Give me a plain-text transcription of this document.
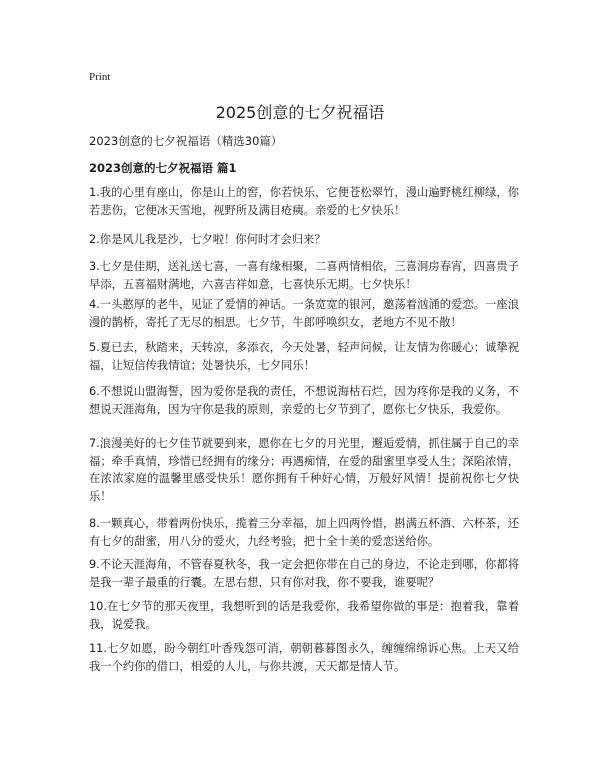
Print
2025创意的七夕祝福语
2023创意的七夕祝福语（精选30篇）
2023创意的七夕祝福语 篇1

1.我的心里有座山，你是山上的窖，你若快乐，它便苍松翠竹，漫山遍野桃红柳绿，你若悲伤，它便冰天雪地，视野所及满目疮痍。亲爱的七夕快乐！

2.你是风儿我是沙，七夕啦！你何时才会归来？

3.七夕是佳期，送礼送七喜，一喜有缘相聚，二喜两情相依，三喜洞房春宵，四喜贵子早添，五喜福财满地，六喜吉祥如意，七喜快乐无期。七夕快乐！

4.一头憨厚的老牛，见证了爱情的神话。一条宽宽的银河，邀荡着汹涌的爱恋。一座浪漫的鹊桥，寄托了无尽的相思。七夕节，牛郎呼唤织女，老地方不见不散！

5.夏已去，秋踏来，天转凉，多添衣，今天处暑，轻声问候，让友情为你暖心；诚挚祝福，让短信传我情谊；处暑快乐，七夕同乐！

6.不想说山盟海誓，因为爱你是我的责任，不想说海枯石烂，因为疼你是我的义务，不想说天涯海角，因为守你是我的原则，亲爱的七夕节到了，愿你七夕快乐，我爱你。

7.浪漫美好的七夕佳节就要到来，愿你在七夕的月光里，邂逅爱情，抓住属于自己的幸福；牵手真情，珍惜已经拥有的缘分；再遇痴情，在爱的甜蜜里享受人生；深陷浓情，在浓浓家庭的温馨里感受快乐！愿你拥有千种好心情，万般好风情！提前祝你七夕快乐！

8.一颗真心，带着两份快乐，揽着三分幸福，加上四两怜惜，斟满五杯酒、六杯茶，还有七夕的甜蜜，用八分的爱火，九经考验，把十全十美的爱恋送给你。

9.不论天涯海角，不管春夏秋冬，我一定会把你带在自己的身边，不论走到哪，你都将是我一辈子最重的行囊。左思右想，只有你对我，你不要我，谁要呢？

10.在七夕节的那天夜里，我想听到的话是我爱你，我希望你做的事是：抱着我，靠着我，说爱我。

11.七夕如愿，盼今朝红叶香残怨可消，朝朝暮暮图永久，缠缠绵绵诉心焦。上天又给我一个约你的借口，相爱的人儿，与你共渡，天天都是情人节。
